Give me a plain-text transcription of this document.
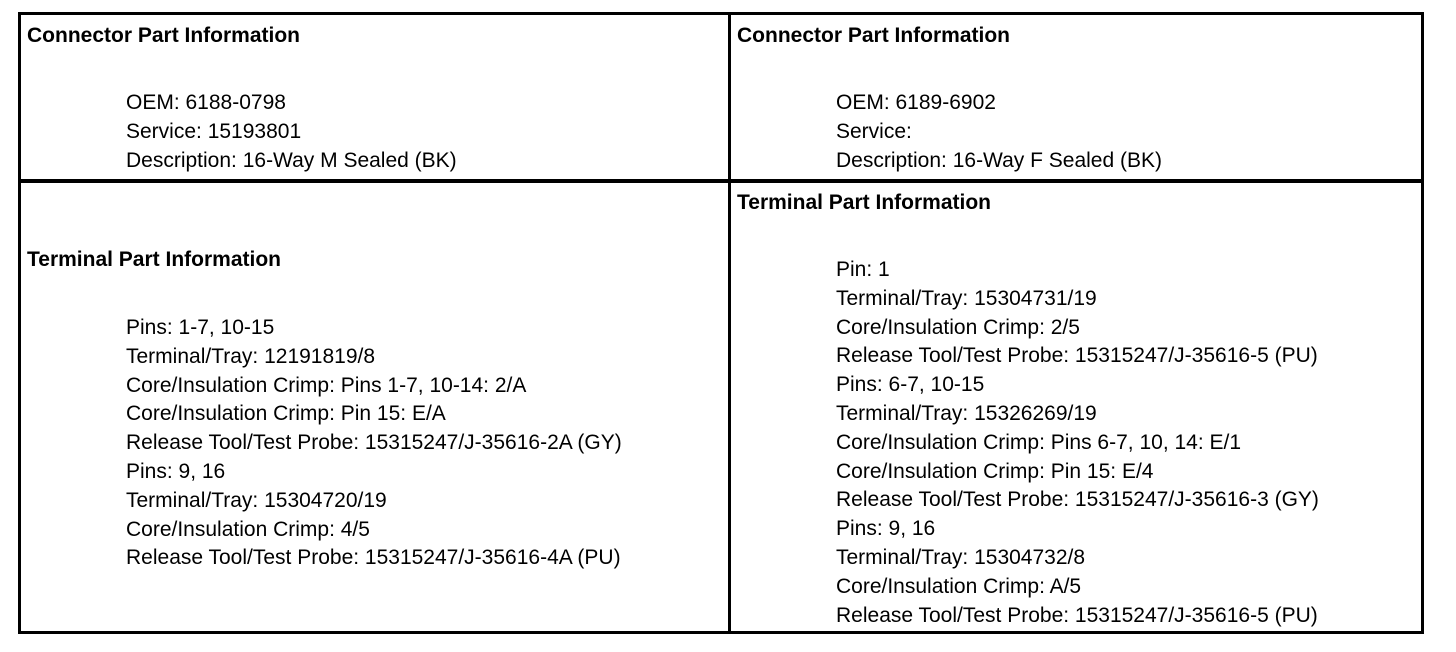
Connector Part Information
OEM: 6188-0798
Service: 15193801
Description: 16-Way M Sealed (BK)
Connector Part Information
OEM: 6189-6902
Service:
Description: 16-Way F Sealed (BK)
Terminal Part Information
Pins: 1-7, 10-15
Terminal/Tray: 12191819/8
Core/Insulation Crimp: Pins 1-7, 10-14: 2/A
Core/Insulation Crimp: Pin 15: E/A
Release Tool/Test Probe: 15315247/J-35616-2A (GY)
Pins: 9, 16
Terminal/Tray: 15304720/19
Core/Insulation Crimp: 4/5
Release Tool/Test Probe: 15315247/J-35616-4A (PU)
Terminal Part Information
Pin: 1
Terminal/Tray: 15304731/19
Core/Insulation Crimp: 2/5
Release Tool/Test Probe: 15315247/J-35616-5 (PU)
Pins: 6-7, 10-15
Terminal/Tray: 15326269/19
Core/Insulation Crimp: Pins 6-7, 10, 14: E/1
Core/Insulation Crimp: Pin 15: E/4
Release Tool/Test Probe: 15315247/J-35616-3 (GY)
Pins: 9, 16
Terminal/Tray: 15304732/8
Core/Insulation Crimp: A/5
Release Tool/Test Probe: 15315247/J-35616-5 (PU)
